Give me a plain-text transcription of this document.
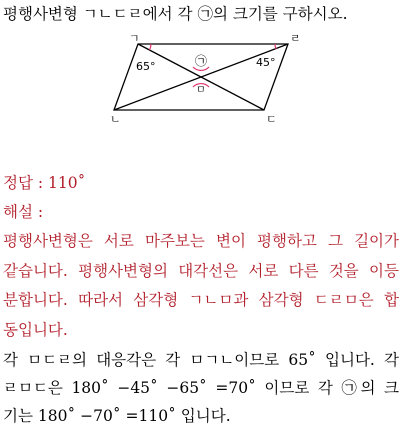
평행사변형 ㄱㄴㄷㄹ에서 각 ㉠의 크기를 구하시오.
ㄱ
ㄴ	ㄷ
ㄹ
65°	45°
㉠
ㅁ
정답 : 110˚
해설 :
평행사변형은 서로 마주보는 변이 평행하고 그 길이가
같습니다. 평행사변형의 대각선은 서로 다른 것을 이등
분합니다. 따라서 삼각형 ㄱㄴㅁ과 삼각형 ㄷㄹㅁ은 합
동입니다.
각 ㅁㄷㄹ의 대응각은 각 ㅁㄱㄴ이므로 65˚ 입니다. 각
ㄹㅁㄷ은 180˚ −45˚ −65˚ =70˚ 이므로 각 ㉠의 크
기는 180˚ −70˚ =110˚ 입니다.
